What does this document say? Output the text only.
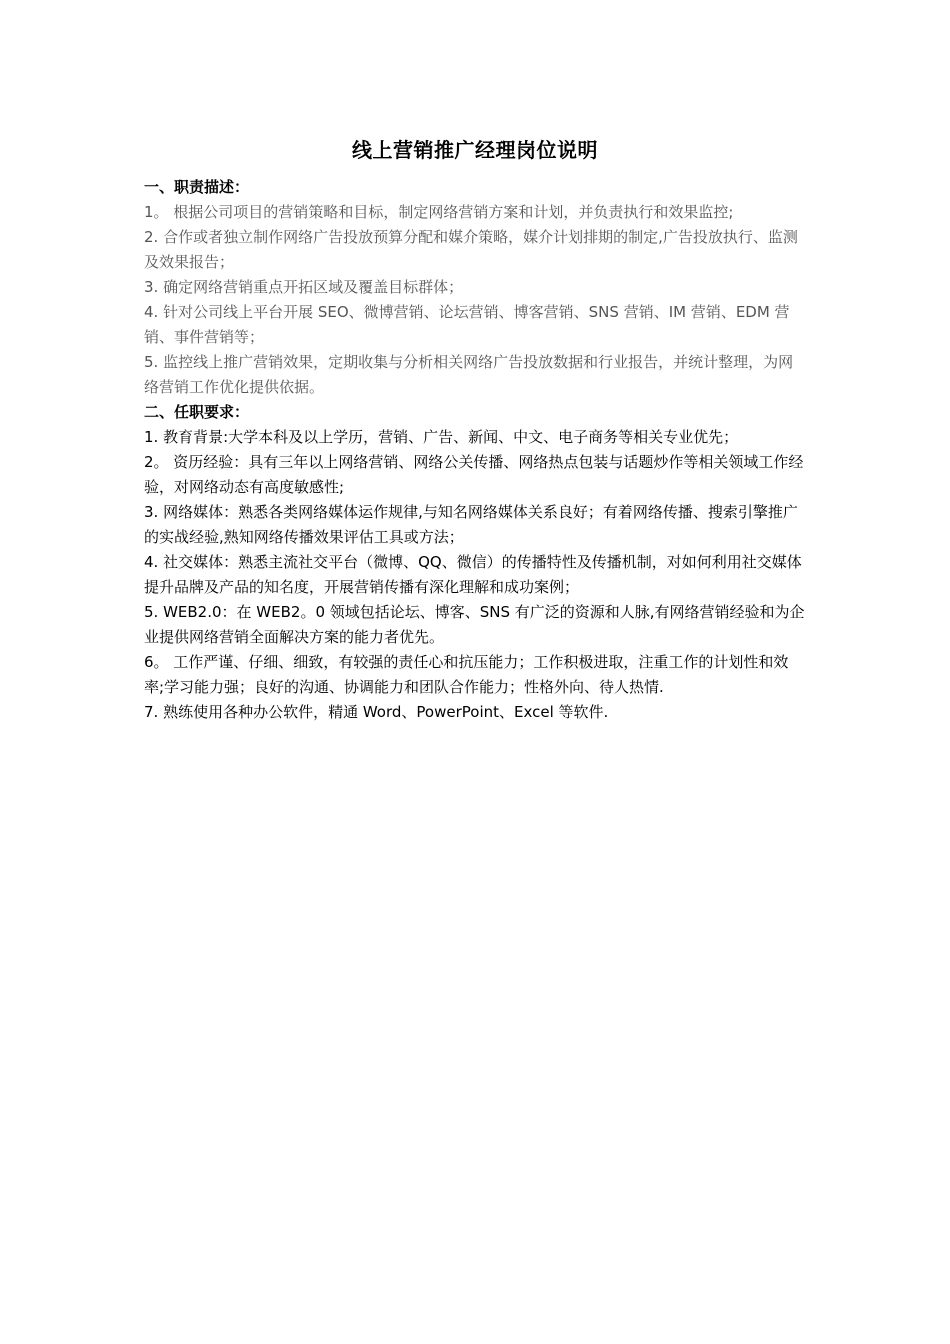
线上营销推广经理岗位说明

一、职责描述：

1。 根据公司项目的营销策略和目标，制定网络营销方案和计划，并负责执行和效果监控;
2. 合作或者独立制作网络广告投放预算分配和媒介策略，媒介计划排期的制定,广告投放执行、监测及效果报告；
3. 确定网络营销重点开拓区域及覆盖目标群体；
4. 针对公司线上平台开展 SEO、微博营销、论坛营销、博客营销、SNS 营销、IM 营销、EDM 营销、事件营销等；
5. 监控线上推广营销效果，定期收集与分析相关网络广告投放数据和行业报告，并统计整理，为网络营销工作优化提供依据。

二、任职要求：

1. 教育背景:大学本科及以上学历，营销、广告、新闻、中文、电子商务等相关专业优先；
2。 资历经验：具有三年以上网络营销、网络公关传播、网络热点包装与话题炒作等相关领域工作经验，对网络动态有高度敏感性;
3. 网络媒体：熟悉各类网络媒体运作规律,与知名网络媒体关系良好；有着网络传播、搜索引擎推广的实战经验,熟知网络传播效果评估工具或方法；
4. 社交媒体：熟悉主流社交平台（微博、QQ、微信）的传播特性及传播机制，对如何利用社交媒体提升品牌及产品的知名度，开展营销传播有深化理解和成功案例；
5. WEB2.0：在 WEB2。0 领域包括论坛、博客、SNS 有广泛的资源和人脉,有网络营销经验和为企业提供网络营销全面解决方案的能力者优先。
6。 工作严谨、仔细、细致，有较强的责任心和抗压能力；工作积极进取，注重工作的计划性和效率;学习能力强；良好的沟通、协调能力和团队合作能力；性格外向、待人热情.
7. 熟练使用各种办公软件，精通 Word、PowerPoint、Excel 等软件.
